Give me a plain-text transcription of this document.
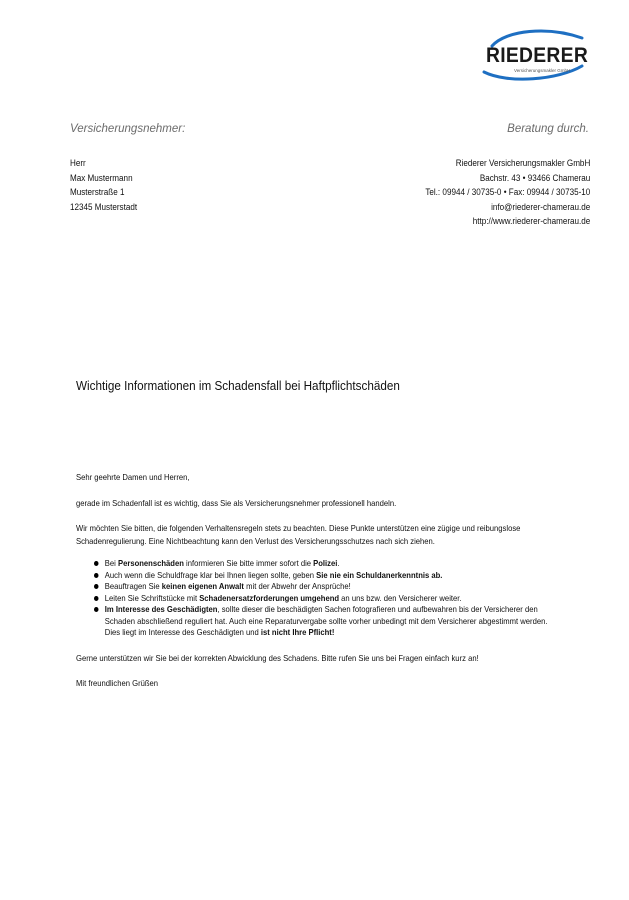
RIEDERER
Versicherungsmakler GmbH
Versicherungsnehmer:	Beratung durch.
Herr
Max Mustermann
Musterstraße 1
12345 Musterstadt
Riederer Versicherungsmakler GmbH
Bachstr. 43 • 93466 Chamerau
Tel.: 09944 / 30735-0 • Fax: 09944 / 30735-10
info@riederer-chamerau.de
http://www.riederer-chamerau.de
Wichtige Informationen im Schadensfall bei Haftpflichtschäden

Sehr geehrte Damen und Herren,

gerade im Schadenfall ist es wichtig, dass Sie als Versicherungsnehmer professionell handeln.

Wir möchten Sie bitten, die folgenden Verhaltensregeln stets zu beachten. Diese Punkte unterstützen eine zügige und reibungslose Schadenregulierung. Eine Nichtbeachtung kann den Verlust des Versicherungsschutzes nach sich ziehen.

Bei Personenschäden informieren Sie bitte immer sofort die Polizei.
Auch wenn die Schuldfrage klar bei Ihnen liegen sollte, geben Sie nie ein Schuldanerkenntnis ab.
Beauftragen Sie keinen eigenen Anwalt mit der Abwehr der Ansprüche!
Leiten Sie Schriftstücke mit Schadenersatzforderungen umgehend an uns bzw. den Versicherer weiter.
Im Interesse des Geschädigten, sollte dieser die beschädigten Sachen fotografieren und aufbewahren bis der Versicherer den Schaden abschließend reguliert hat. Auch eine Reparaturvergabe sollte vorher unbedingt mit dem Versicherer abgestimmt werden. Dies liegt im Interesse des Geschädigten und ist nicht Ihre Pflicht!

Gerne unterstützen wir Sie bei der korrekten Abwicklung des Schadens. Bitte rufen Sie uns bei Fragen einfach kurz an!

Mit freundlichen Grüßen
